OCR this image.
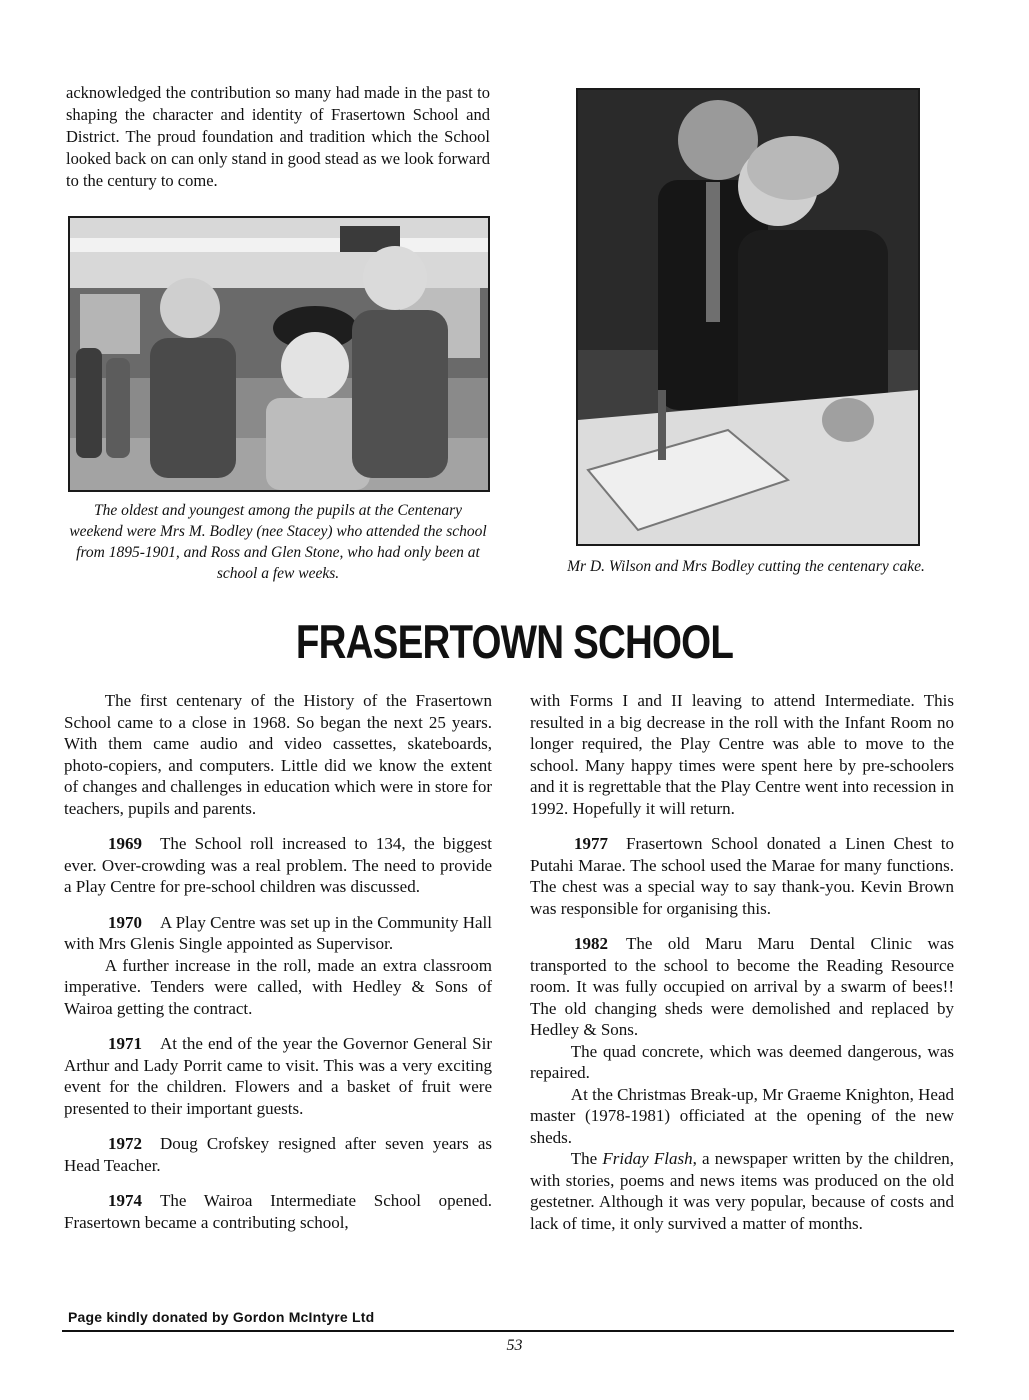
acknowledged the contribution so many had made in the past to shaping the character and identity of Frasertown School and District. The proud foundation and tradition which the School looked back on can only stand in good stead as we look forward to the century to come.
The oldest and youngest among the pupils at the Centenary weekend were Mrs M. Bodley (nee Stacey) who attended the school from 1895-1901, and Ross and Glen Stone, who had only been at school a few weeks.	Mr D. Wilson and Mrs Bodley cutting the centenary cake.
FRASERTOWN SCHOOL

The first centenary of the History of the Frasertown School came to a close in 1968. So began the next 25 years. With them came audio and video cassettes, skateboards, photo-copiers, and computers. Little did we know the extent of changes and challenges in education which were in store for teachers, pupils and parents.

1969 The School roll increased to 134, the biggest ever. Over-crowding was a real problem. The need to provide a Play Centre for pre-school children was discussed.

1970 A Play Centre was set up in the Community Hall with Mrs Glenis Single appointed as Supervisor.

A further increase in the roll, made an extra classroom imperative. Tenders were called, with Hedley & Sons of Wairoa getting the contract.

1971 At the end of the year the Governor General Sir Arthur and Lady Porrit came to visit. This was a very exciting event for the children. Flowers and a basket of fruit were presented to their important guests.

1972 Doug Crofskey resigned after seven years as Head Teacher.

1974 The Wairoa Intermediate School opened. Frasertown became a contributing school,

with Forms I and II leaving to attend Intermediate. This resulted in a big decrease in the roll with the Infant Room no longer required, the Play Centre was able to move to the school. Many happy times were spent here by pre-schoolers and it is regrettable that the Play Centre went into recession in 1992. Hopefully it will return.

1977 Frasertown School donated a Linen Chest to Putahi Marae. The school used the Marae for many functions. The chest was a special way to say thank-you. Kevin Brown was responsible for organising this.

1982 The old Maru Maru Dental Clinic was transported to the school to become the Reading Resource room. It was fully occupied on arrival by a swarm of bees!! The old changing sheds were demolished and replaced by Hedley & Sons.

The quad concrete, which was deemed dangerous, was repaired.

At the Christmas Break-up, Mr Graeme Knighton, Head master (1978-1981) officiated at the opening of the new sheds.

The Friday Flash, a newspaper written by the children, with stories, poems and news items was produced on the old gestetner. Although it was very popular, because of costs and lack of time, it only survived a matter of months.

Page kindly donated by Gordon McIntyre Ltd
53
